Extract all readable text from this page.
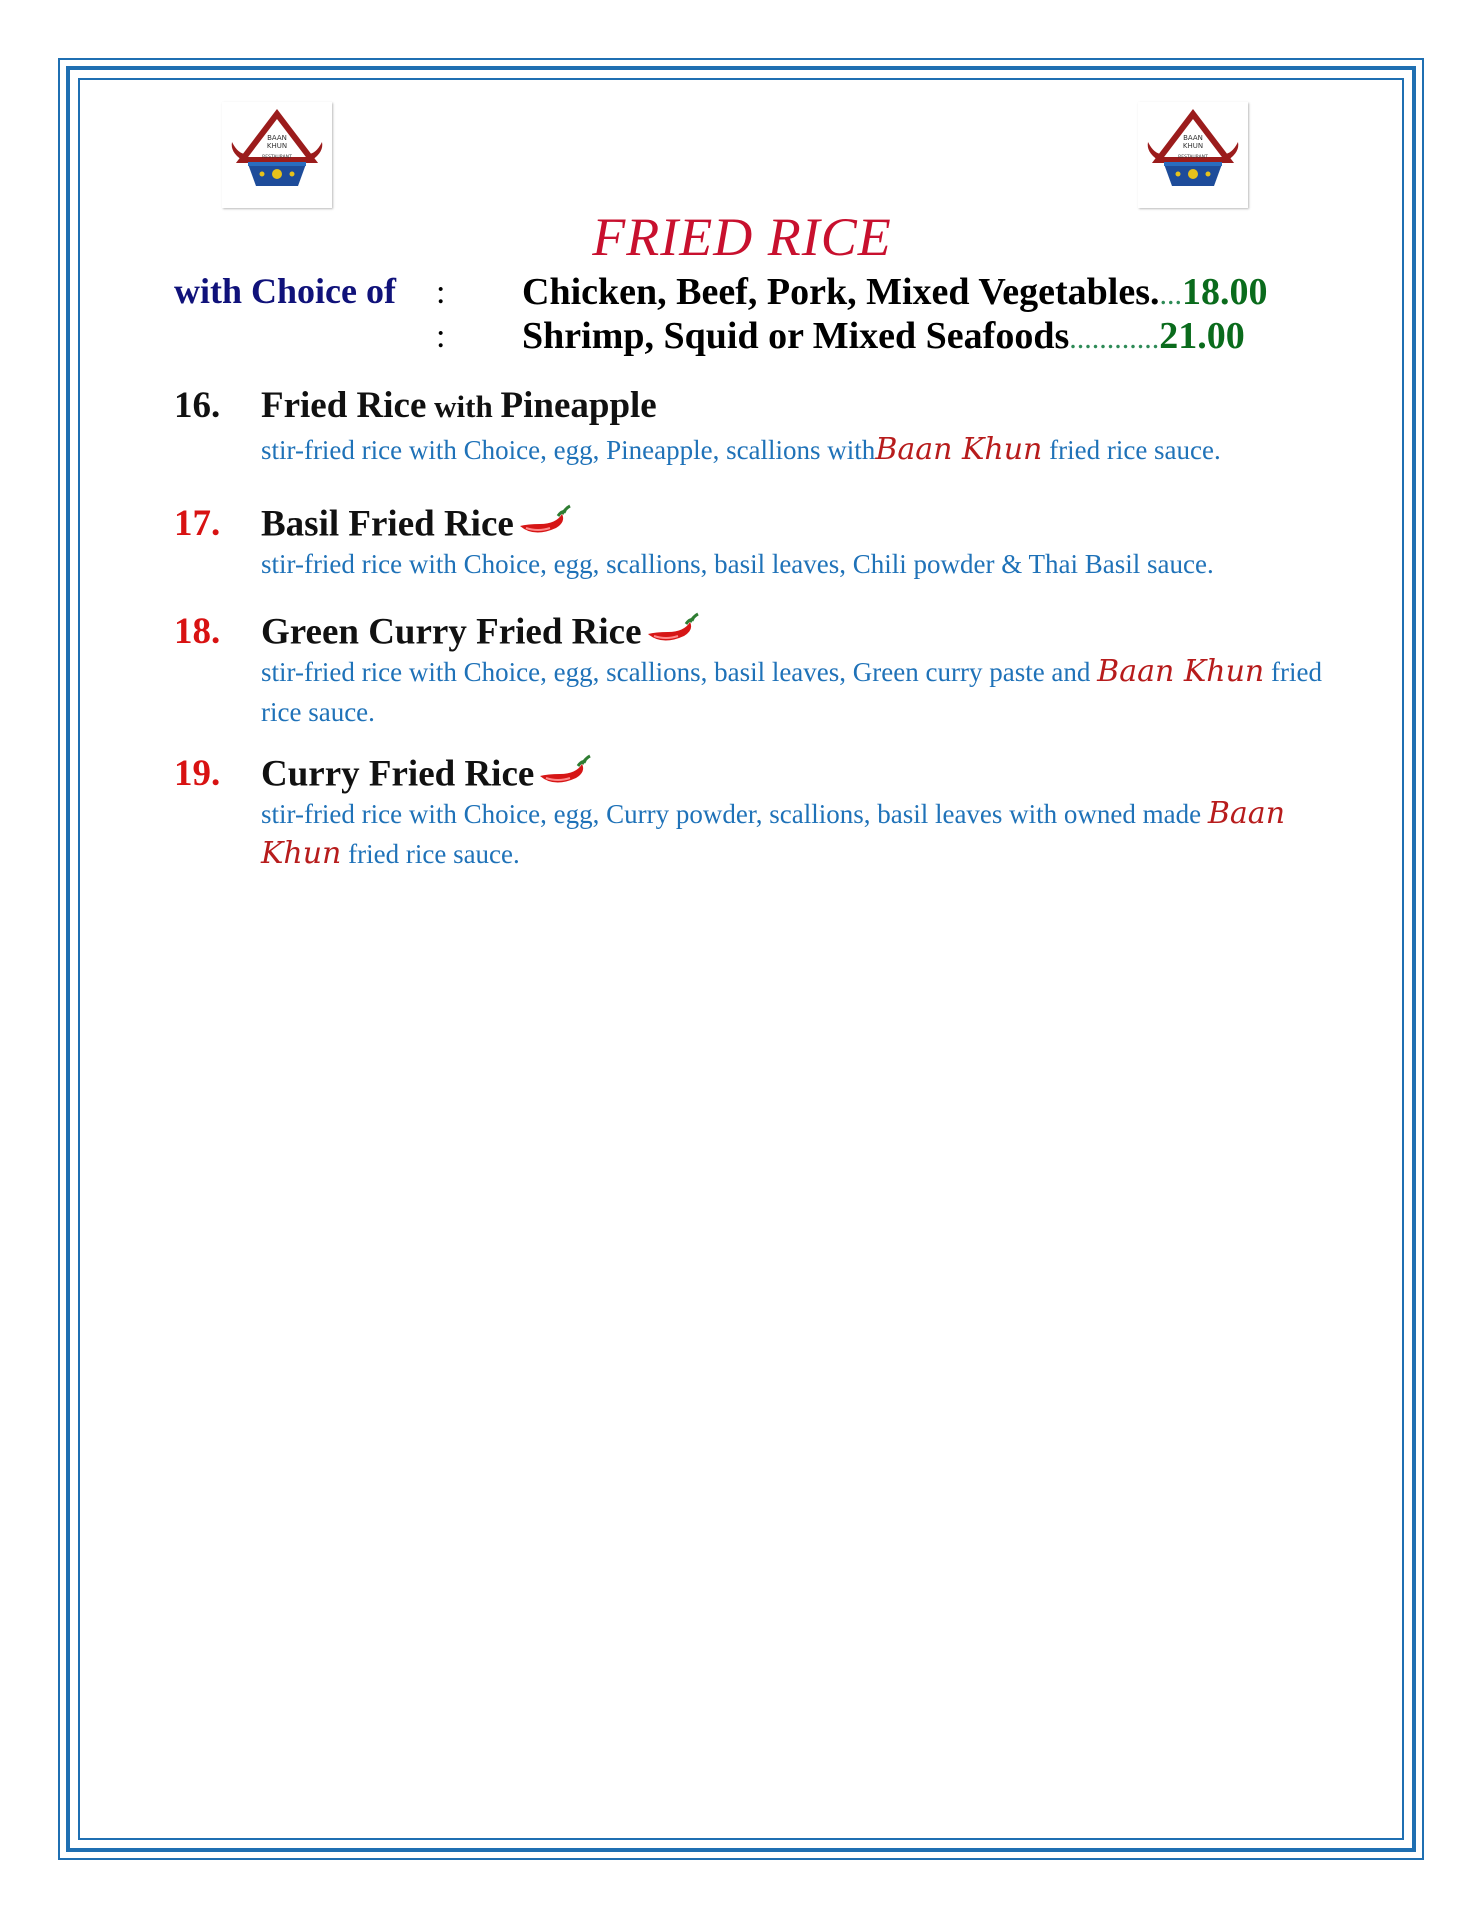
BAAN
KHUN
RESTAURANT
BAAN
KHUN
RESTAURANT
FRIED RICE
with Choice of :
:
Chicken, Beef, Pork, Mixed Vegetables....18.00
Shrimp, Squid or Mixed Seafoods............21.00
16. Fried Rice with Pineapple
stir-fried rice with Choice, egg, Pineapple, scallions withBaan Khun fried rice sauce.
17. Basil Fried Rice
stir-fried rice with Choice, egg, scallions, basil leaves, Chili powder & Thai Basil sauce.
18. Green Curry Fried Rice
stir-fried rice with Choice, egg, scallions, basil leaves, Green curry paste and Baan Khun fried rice sauce.
19. Curry Fried Rice
stir-fried rice with Choice, egg, Curry powder, scallions, basil leaves with owned made Baan Khun fried rice sauce.
